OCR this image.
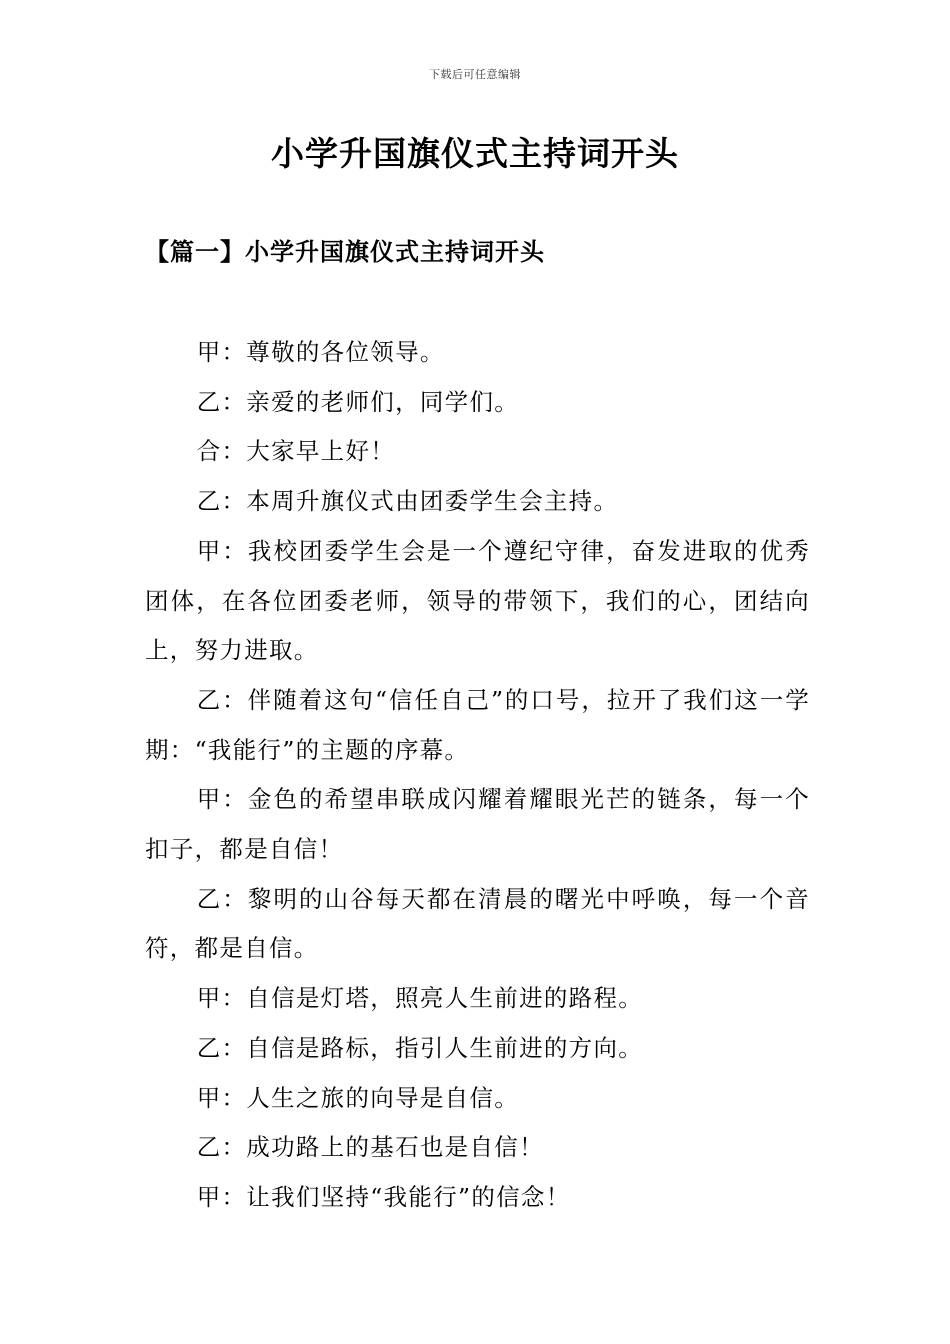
下载后可任意编辑
小学升国旗仪式主持词开头
【篇一】小学升国旗仪式主持词开头

甲：尊敬的各位领导。

乙：亲爱的老师们，同学们。

合：大家早上好！

乙：本周升旗仪式由团委学生会主持。

甲：我校团委学生会是一个遵纪守律，奋发进取的优秀团体，在各位团委老师，领导的带领下，我们的心，团结向上，努力进取。

乙：伴随着这句“信任自己”的口号，拉开了我们这一学期：“我能行”的主题的序幕。

甲：金色的希望串联成闪耀着耀眼光芒的链条，每一个扣子，都是自信！

乙：黎明的山谷每天都在清晨的曙光中呼唤，每一个音符，都是自信。

甲：自信是灯塔，照亮人生前进的路程。

乙：自信是路标，指引人生前进的方向。

甲：人生之旅的向导是自信。

乙：成功路上的基石也是自信！

甲：让我们坚持“我能行”的信念！
